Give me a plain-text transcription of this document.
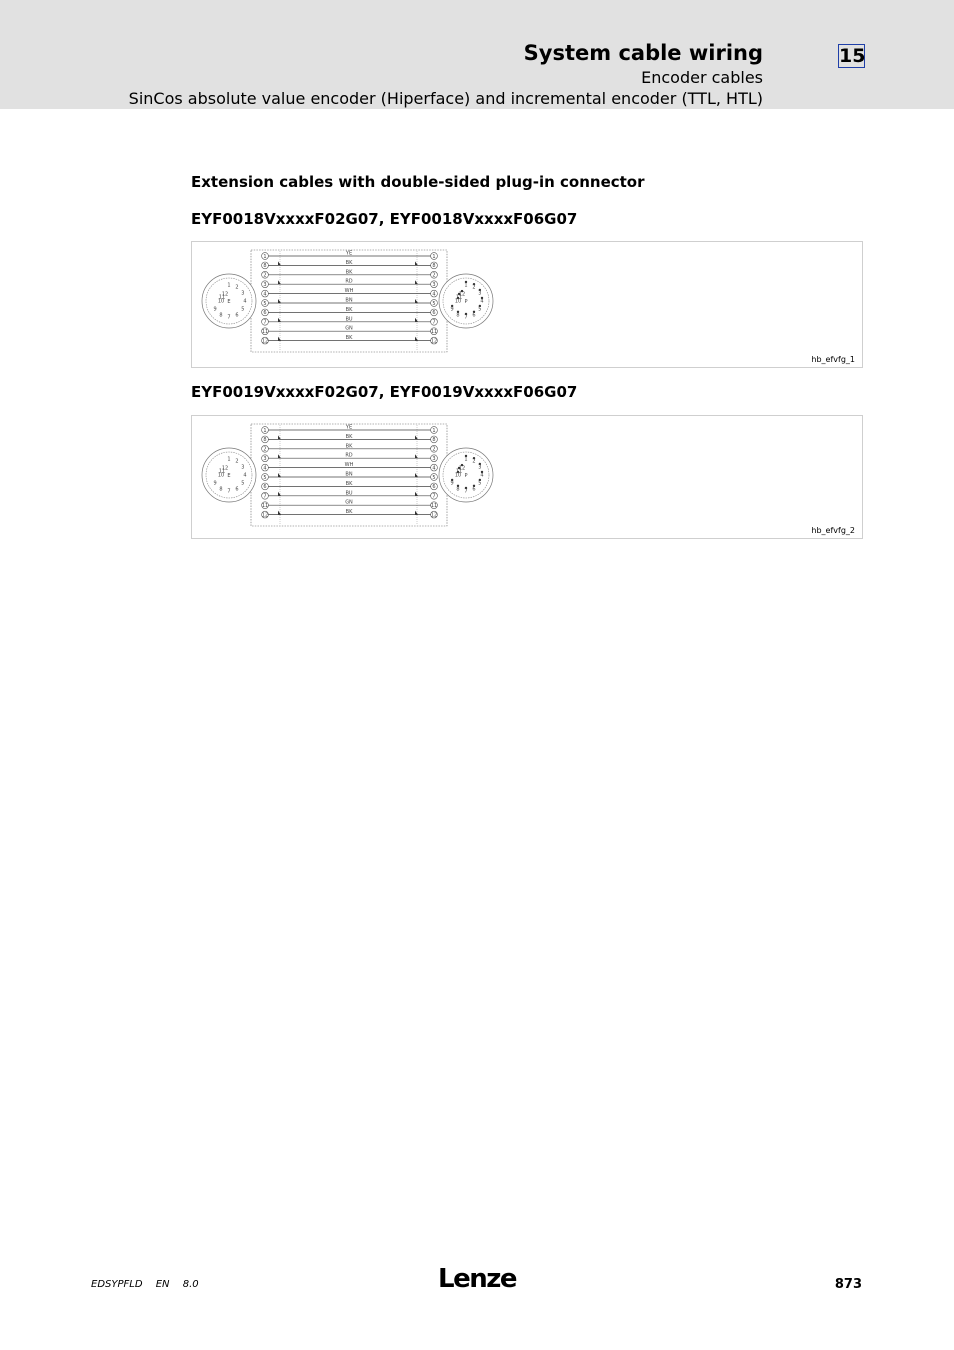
System cable wiring	15
Encoder cables
SinCos absolute value encoder (Hiperface) and incremental encoder (TTL, HTL)
Extension cables with double-sided plug-in connector
EYF0018VxxxxF02G07, EYF0018VxxxxF06G07
1	1
YE
8	8
BK
2	2
BK
3	3
RD
4	4
WH
5	5
BN
6	6
BK
7	7
BU
11	11
GN
12	12
BK
E
1 2
3
4
5
6
7
8
9
10
11
12
P
1 2
3
4
5
6
7
8
9
10
11
12
hb_efvfg_1
EYF0019VxxxxF02G07, EYF0019VxxxxF06G07
1	1
YE
8	8
BK
2	2
BK
3	3
RD
4	4
WH
5	5
BN
6	6
BK
7	7
BU
11	11
GN
12	12
BK
E
1 2
3
4
5
6
7
8
9
10
11
12
P
1 2
3
4
5
6
7
8
9
10
11
12
hb_efvfg_2
EDSYPFLD EN 8.0	Lenze	873
